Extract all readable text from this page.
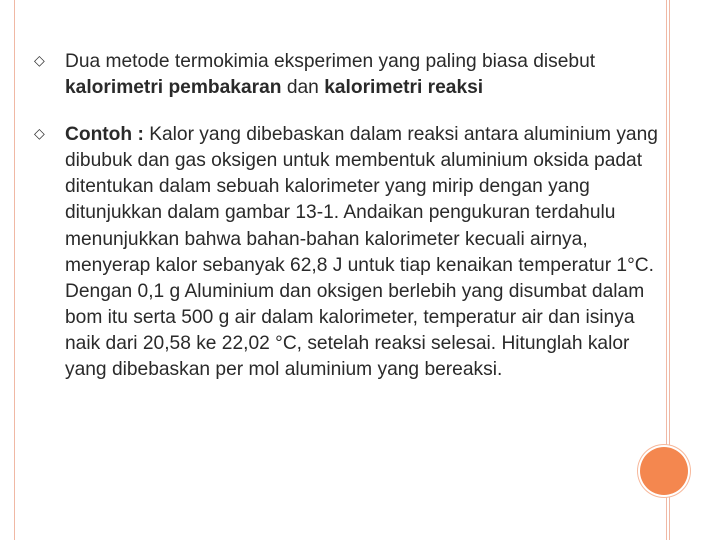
◇ Dua metode termokimia eksperimen yang paling biasa disebut kalorimetri pembakaran dan kalorimetri reaksi

◇ Contoh : Kalor yang dibebaskan dalam reaksi antara aluminium yang dibubuk dan gas oksigen untuk membentuk aluminium oksida padat ditentukan dalam sebuah kalorimeter yang mirip dengan yang ditunjukkan dalam gambar 13-1. Andaikan pengukuran terdahulu menunjukkan bahwa bahan-bahan kalorimeter kecuali airnya, menyerap kalor sebanyak 62,8 J untuk tiap kenaikan temperatur 1°C. Dengan 0,1 g Aluminium dan oksigen berlebih yang disumbat dalam bom itu serta 500 g air dalam kalorimeter, temperatur air dan isinya naik dari 20,58 ke 22,02 °C, setelah reaksi selesai. Hitunglah kalor yang dibebaskan per mol aluminium yang bereaksi.
